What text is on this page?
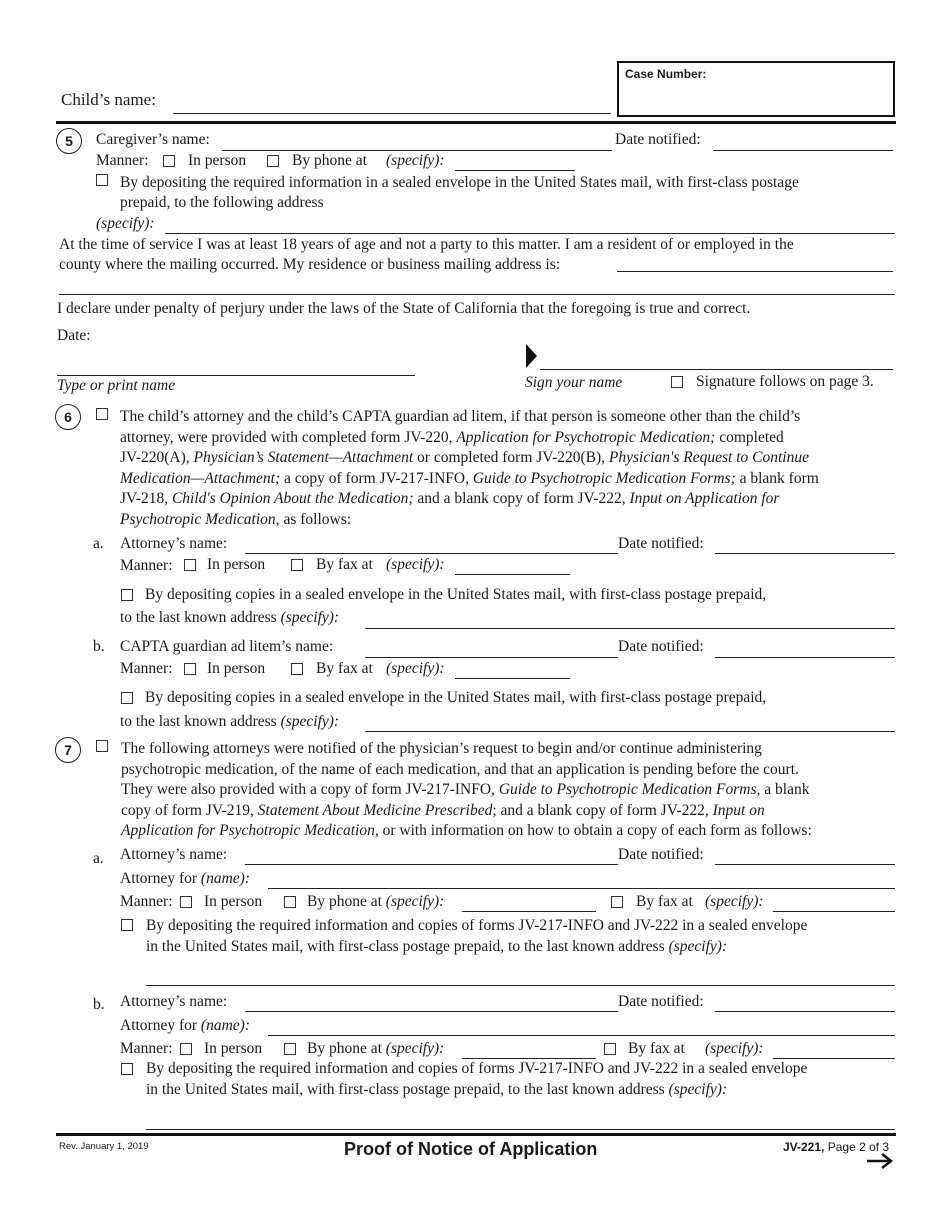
Child’s name:
Case Number:
5	Caregiver’s name:	Date notified:
Manner:	In person	By phone at (specify):
By depositing the required information in a sealed envelope in the United States mail, with first-class postage
prepaid, to the following address
(specify):
At the time of service I was at least 18 years of age and not a party to this matter. I am a resident of or employed in the
county where the mailing occurred. My residence or business mailing address is:
I declare under penalty of perjury under the laws of the State of California that the foregoing is true and correct.
Date:
Type or print name	Sign your name	Signature follows on page 3.
6	The child’s attorney and the child’s CAPTA guardian ad litem, if that person is someone other than the child’s
attorney, were provided with completed form JV-220, Application for Psychotropic Medication; completed
JV-220(A), Physician’s Statement—Attachment or completed form JV-220(B), Physician's Request to Continue
Medication—Attachment; a copy of form JV-217-INFO, Guide to Psychotropic Medication Forms; a blank form
JV-218, Child's Opinion About the Medication; and a blank copy of form JV-222, Input on Application for
Psychotropic Medication, as follows:
a. Attorney’s name:	Date notified:
Manner: In person	By fax at (specify):
By depositing copies in a sealed envelope in the United States mail, with first-class postage prepaid,
to the last known address (specify):
b. CAPTA guardian ad litem’s name:	Date notified:
Manner: In person	By fax at (specify):
By depositing copies in a sealed envelope in the United States mail, with first-class postage prepaid,
to the last known address (specify):
7	The following attorneys were notified of the physician’s request to begin and/or continue administering
psychotropic medication, of the name of each medication, and that an application is pending before the court.
They were also provided with a copy of form JV-217-INFO, Guide to Psychotropic Medication Forms, a blank
copy of form JV-219, Statement About Medicine Prescribed; and a blank copy of form JV-222, Input on
Application for Psychotropic Medication, or with information on how to obtain a copy of each form as follows:
a. Attorney’s name:	Date notified:
Attorney for (name):
Manner: In person	By phone at (specify):	By fax at (specify):
By depositing the required information and copies of forms JV-217-INFO and JV-222 in a sealed envelope
in the United States mail, with first-class postage prepaid, to the last known address (specify):
b. Attorney’s name:	Date notified:
Attorney for (name):
Manner: In person	By phone at (specify):	By fax at (specify):
By depositing the required information and copies of forms JV-217-INFO and JV-222 in a sealed envelope
in the United States mail, with first-class postage prepaid, to the last known address (specify):
Rev. January 1, 2019	Proof of Notice of Application	JV-221, Page 2 of 3
